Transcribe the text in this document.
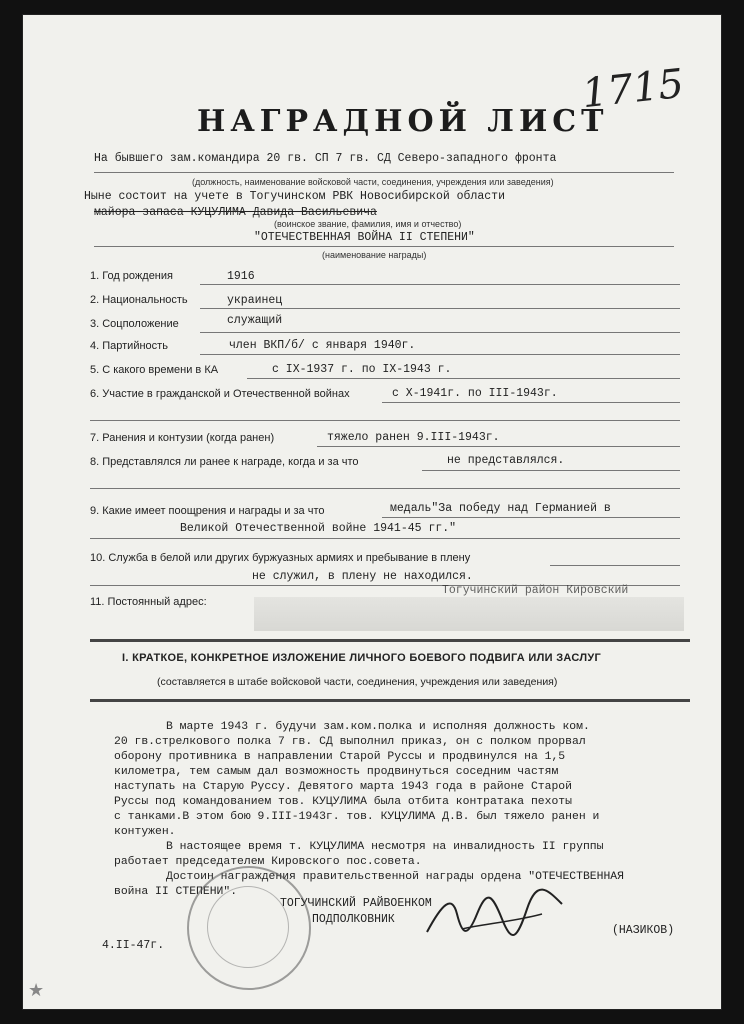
НАГРАДНОЙ ЛИСТ
1715
На бывшего зам.командира 20 гв. СП 7 гв. СД Северо-западного фронта
(должность, наименование войсковой части, соединения, учреждения или заведения)
Ныне состоит на учете в Тогучинском РВК Новосибирской области
майора запаса КУЦУЛИМА Давида Васильевича
(воинское звание, фамилия, имя и отчество)
"ОТЕЧЕСТВЕННАЯ ВОЙНА II СТЕПЕНИ"
(наименование награды)
1. Год рождения	1916
2. Национальность	украинец
3. Соцположение	служащий
4. Партийность	член ВКП/б/ с января 1940г.
5. С какого времени в КА	с IX-1937 г. по IX-1943 г.
6. Участие в гражданской и Отечественной войнах	с X-1941г. по III-1943г.
7. Ранения и контузии (когда ранен)	тяжело ранен 9.III-1943г.
8. Представлялся ли ранее к награде, когда и за что	не представлялся.
9. Какие имеет поощрения и награды и за что	медаль"За победу над Германией в
Великой Отечественной войне 1941-45 гг."
10. Служба в белой или других буржуазных армиях и пребывание в плену
не служил, в плену не находился.
11. Постоянный адрес:
Тогучинский район Кировский
I. КРАТКОЕ, КОНКРЕТНОЕ ИЗЛОЖЕНИЕ ЛИЧНОГО БОЕВОГО ПОДВИГА ИЛИ ЗАСЛУГ
(составляется в штабе войсковой части, соединения, учреждения или заведения)
В марте 1943 г. будучи зам.ком.полка и исполняя должность ком.
20 гв.стрелкового полка 7 гв. СД выполнил приказ, он с полком прорвал
оборону противника в направлении Старой Руссы и продвинулся на 1,5
километра, тем самым дал возможность продвинуться соседним частям
наступать на Старую Руссу. Девятого марта 1943 года в районе Старой
Руссы под командованием тов. КУЦУЛИМА была отбита контратака пехоты
с танками.В этом бою 9.III-1943г. тов. КУЦУЛИМА Д.В. был тяжело ранен и
контужен.
В настоящее время т. КУЦУЛИМА несмотря на инвалидность II группы
работает председателем Кировского пос.совета.
Достоин награждения правительственной награды ордена "ОТЕЧЕСТВЕННАЯ
войнa II СТЕПЕНИ".
ТОГУЧИНСКИЙ РАЙВОЕНКОМ
ПОДПОЛКОВНИК
(НАЗИКОВ)
4.II-47г.
★
